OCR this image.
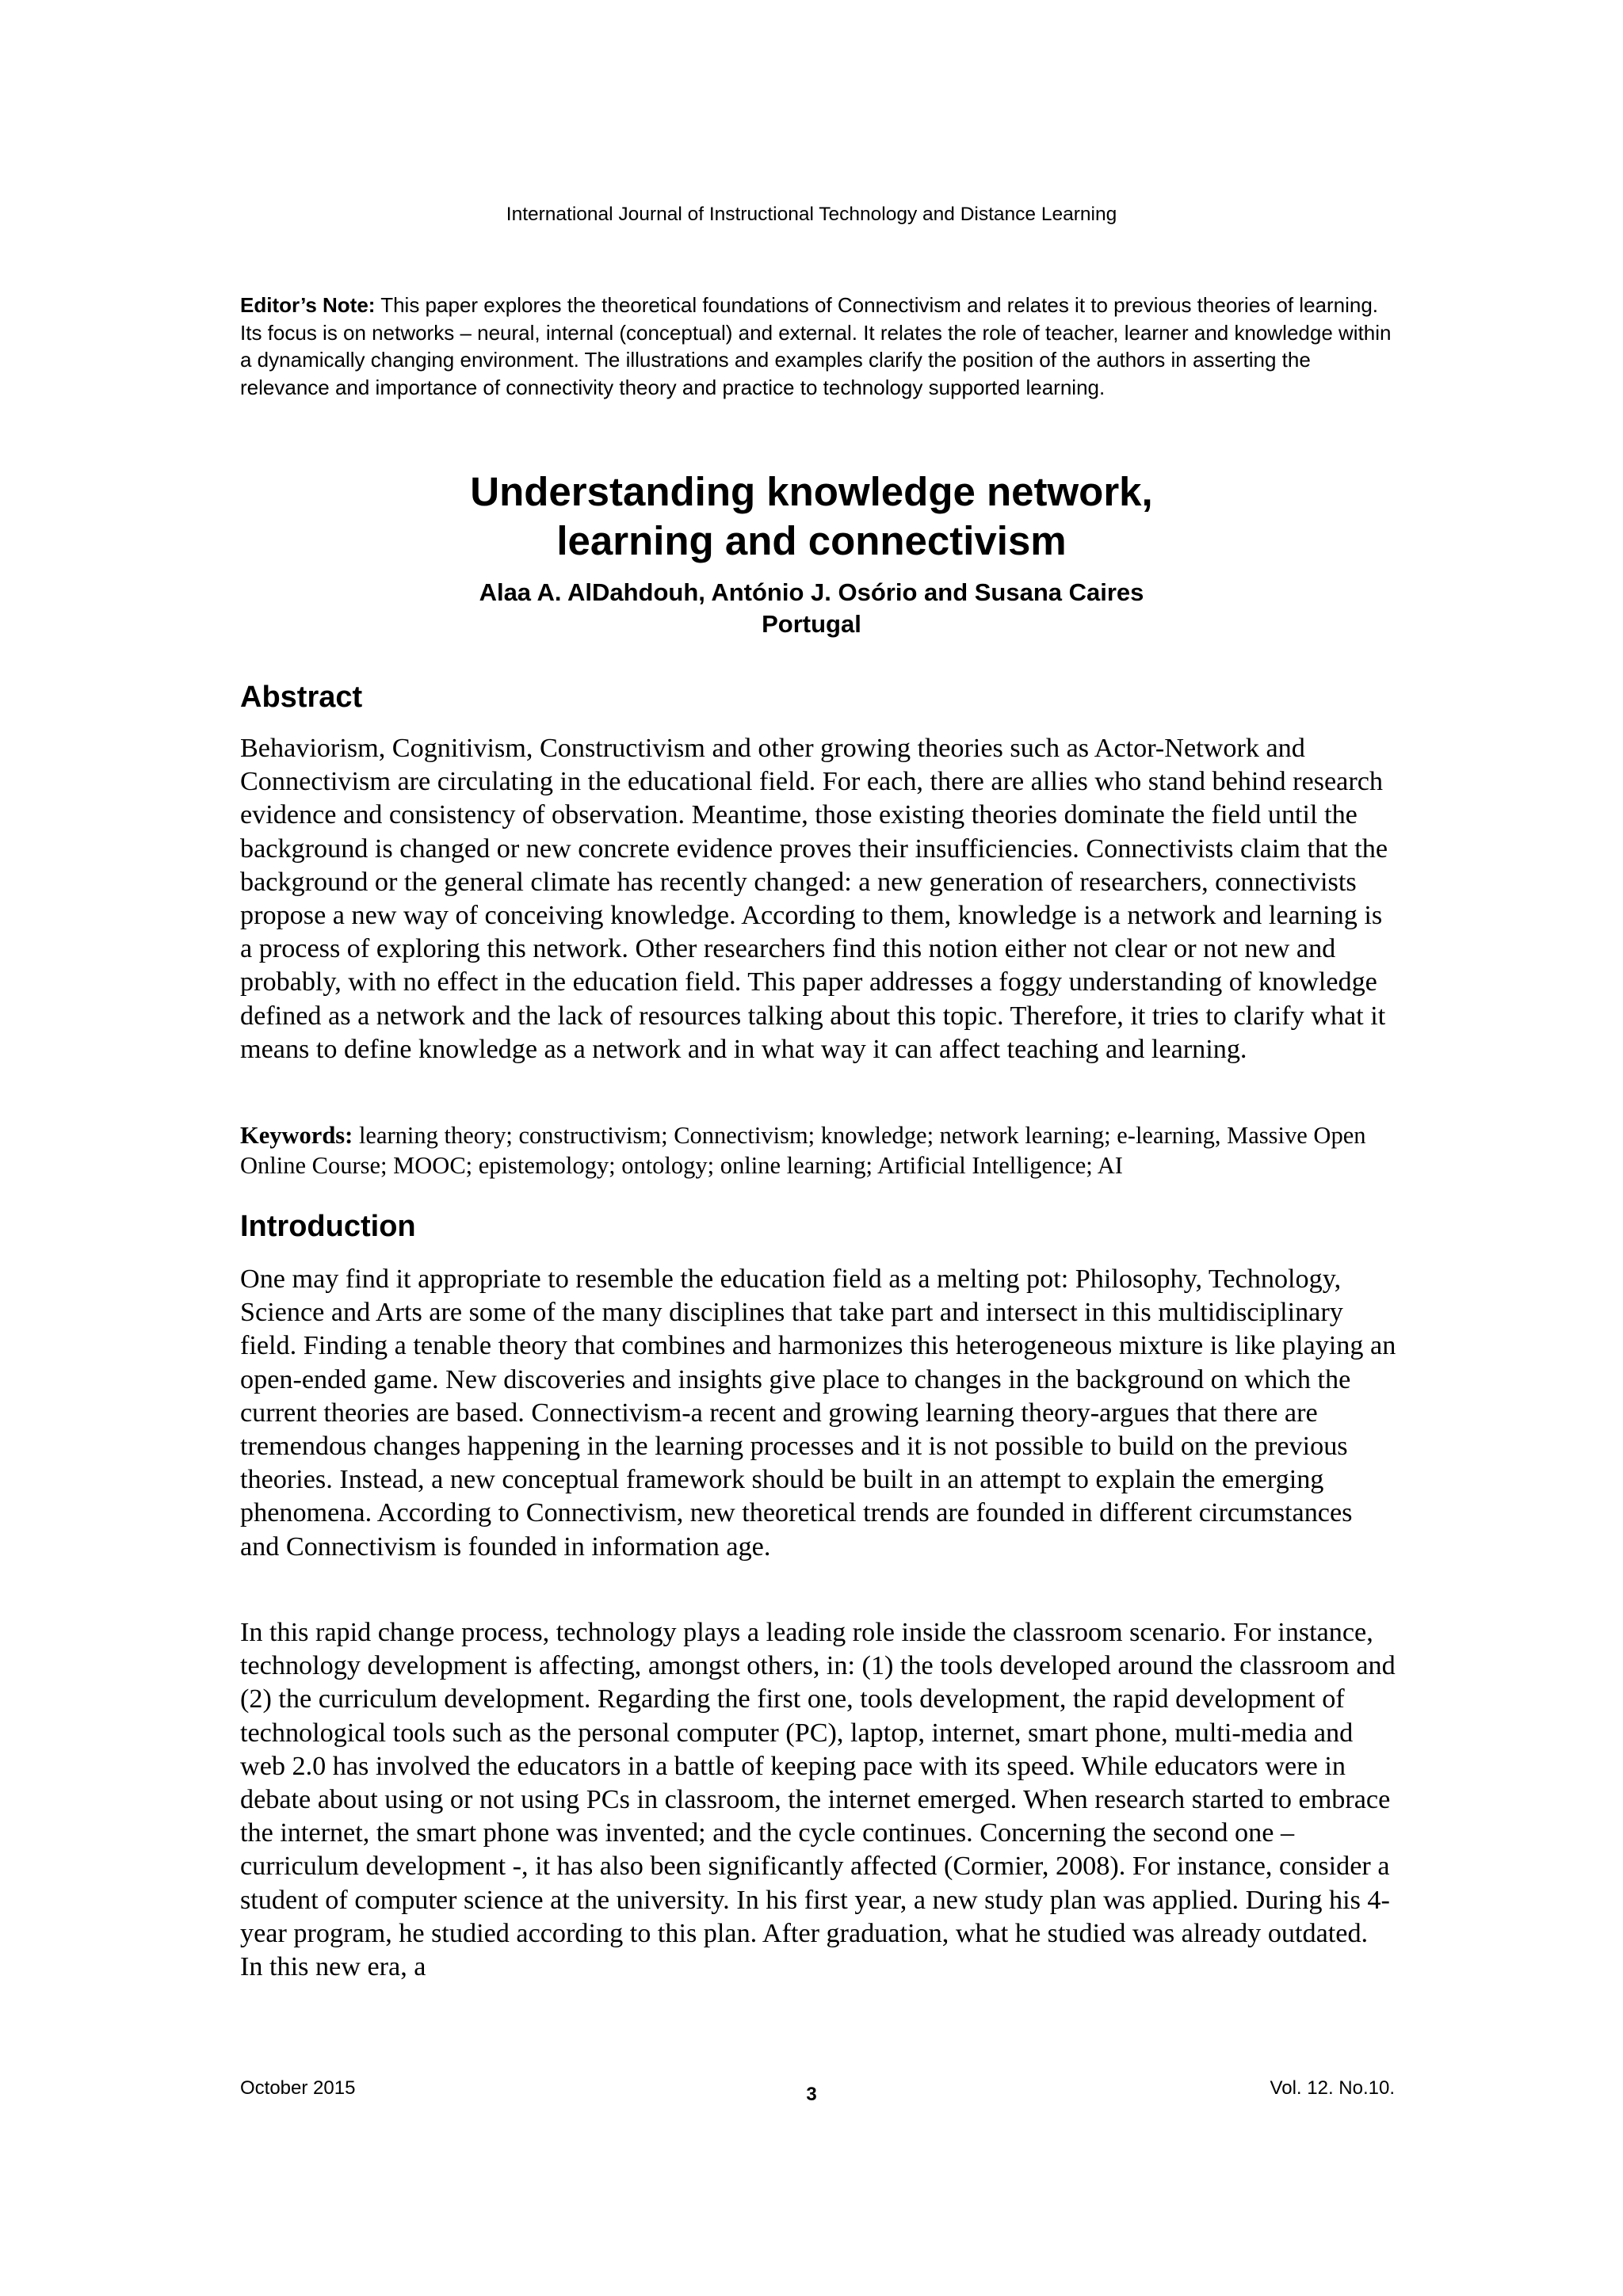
International Journal of Instructional Technology and Distance Learning

Editor’s Note: This paper explores the theoretical foundations of Connectivism and relates it to previous theories of learning. Its focus is on networks – neural, internal (conceptual) and external. It relates the role of teacher, learner and knowledge within a dynamically changing environment. The illustrations and examples clarify the position of the authors in asserting the relevance and importance of connectivity theory and practice to technology supported learning.

Understanding knowledge network,
learning and connectivism

Alaa A. AlDahdouh, António J. Osório and Susana Caires

Portugal

Abstract

Behaviorism, Cognitivism, Constructivism and other growing theories such as Actor-Network and Connectivism are circulating in the educational field. For each, there are allies who stand behind research evidence and consistency of observation. Meantime, those existing theories dominate the field until the background is changed or new concrete evidence proves their insufficiencies. Connectivists claim that the background or the general climate has recently changed: a new generation of researchers, connectivists propose a new way of conceiving knowledge. According to them, knowledge is a network and learning is a process of exploring this network. Other researchers find this notion either not clear or not new and probably, with no effect in the education field. This paper addresses a foggy understanding of knowledge defined as a network and the lack of resources talking about this topic. Therefore, it tries to clarify what it means to define knowledge as a network and in what way it can affect teaching and learning.

Keywords: learning theory; constructivism; Connectivism; knowledge; network learning; e-learning, Massive Open Online Course; MOOC; epistemology; ontology; online learning; Artificial Intelligence; AI

Introduction

One may find it appropriate to resemble the education field as a melting pot: Philosophy, Technology, Science and Arts are some of the many disciplines that take part and intersect in this multidisciplinary field. Finding a tenable theory that combines and harmonizes this heterogeneous mixture is like playing an open-ended game. New discoveries and insights give place to changes in the background on which the current theories are based. Connectivism-a recent and growing learning theory-argues that there are tremendous changes happening in the learning processes and it is not possible to build on the previous theories. Instead, a new conceptual framework should be built in an attempt to explain the emerging phenomena. According to Connectivism, new theoretical trends are founded in different circumstances and Connectivism is founded in information age.

In this rapid change process, technology plays a leading role inside the classroom scenario. For instance, technology development is affecting, amongst others, in: (1) the tools developed around the classroom and (2) the curriculum development. Regarding the first one, tools development, the rapid development of technological tools such as the personal computer (PC), laptop, internet, smart phone, multi-media and web 2.0 has involved the educators in a battle of keeping pace with its speed. While educators were in debate about using or not using PCs in classroom, the internet emerged. When research started to embrace the internet, the smart phone was invented; and the cycle continues. Concerning the second one – curriculum development -, it has also been significantly affected (Cormier, 2008). For instance, consider a student of computer science at the university. In his first year, a new study plan was applied. During his 4-year program, he studied according to this plan. After graduation, what he studied was already outdated. In this new era, a

October 2015	3	Vol. 12. No.10.
